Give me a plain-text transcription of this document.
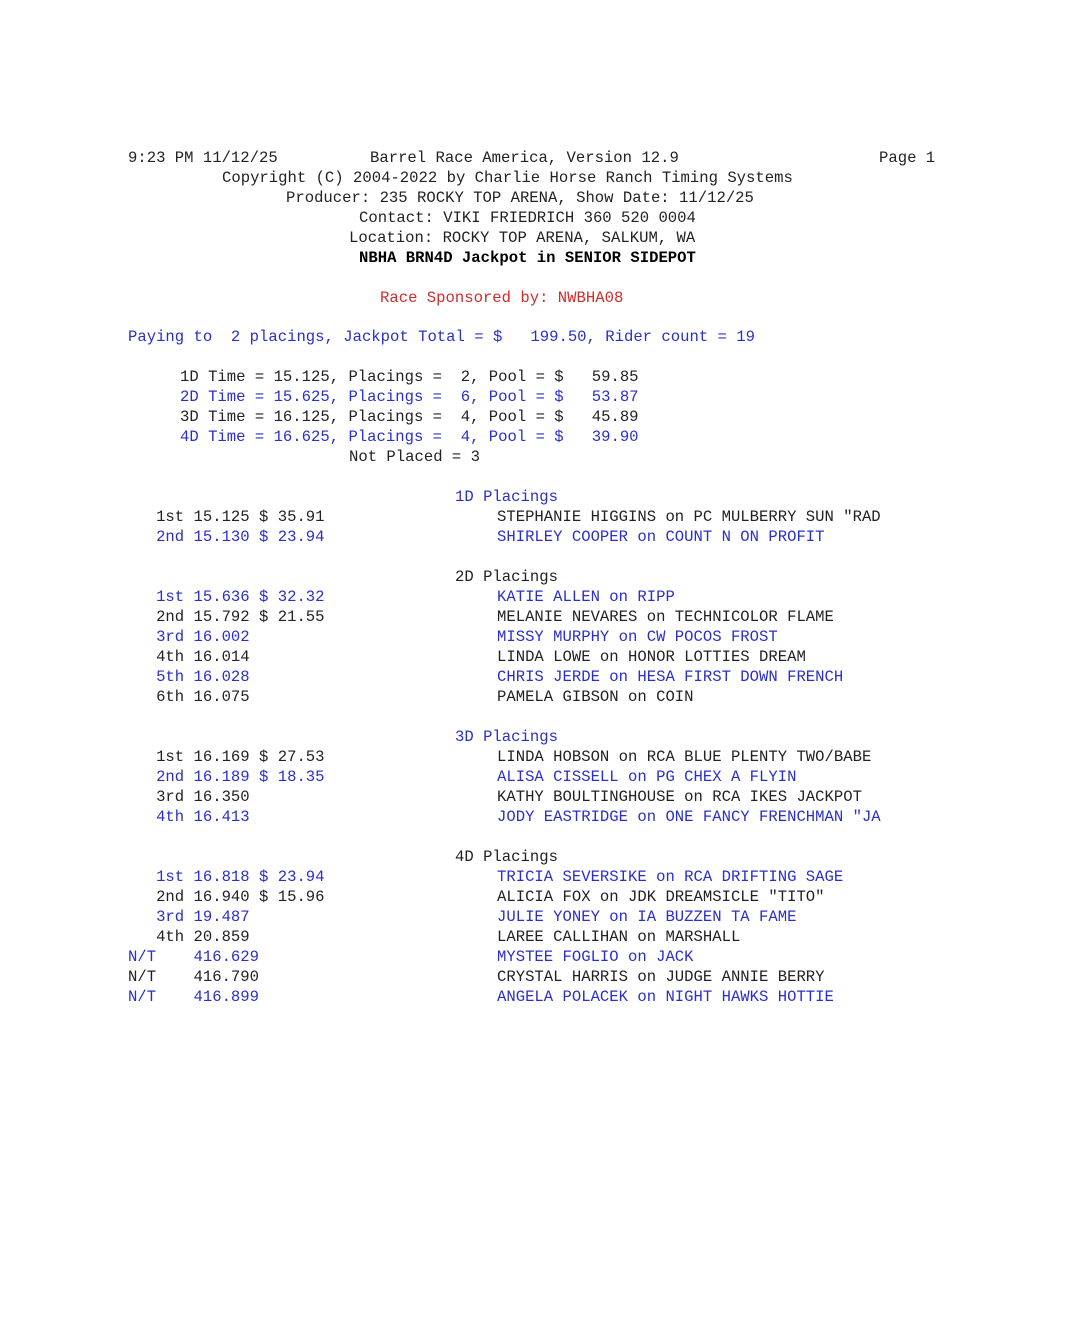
9:23 PM 11/12/25	Barrel Race America, Version 12.9	Page 1
Copyright (C) 2004-2022 by Charlie Horse Ranch Timing Systems
Producer: 235 ROCKY TOP ARENA, Show Date: 11/12/25
Contact: VIKI FRIEDRICH 360 520 0004
Location: ROCKY TOP ARENA, SALKUM, WA
NBHA BRN4D Jackpot in SENIOR SIDEPOT
Race Sponsored by: NWBHA08
Paying to  2 placings, Jackpot Total = $   199.50, Rider count = 19
1D Time = 15.125, Placings =  2, Pool = $   59.85
2D Time = 15.625, Placings =  6, Pool = $   53.87
3D Time = 16.125, Placings =  4, Pool = $   45.89
4D Time = 16.625, Placings =  4, Pool = $   39.90
Not Placed = 3
1D Placings
1st 15.125 $ 35.91	STEPHANIE HIGGINS on PC MULBERRY SUN "RAD
2nd 15.130 $ 23.94	SHIRLEY COOPER on COUNT N ON PROFIT
2D Placings
1st 15.636 $ 32.32	KATIE ALLEN on RIPP
2nd 15.792 $ 21.55	MELANIE NEVARES on TECHNICOLOR FLAME
3rd 16.002	MISSY MURPHY on CW POCOS FROST
4th 16.014	LINDA LOWE on HONOR LOTTIES DREAM
5th 16.028	CHRIS JERDE on HESA FIRST DOWN FRENCH
6th 16.075	PAMELA GIBSON on COIN
3D Placings
1st 16.169 $ 27.53	LINDA HOBSON on RCA BLUE PLENTY TWO/BABE
2nd 16.189 $ 18.35	ALISA CISSELL on PG CHEX A FLYIN
3rd 16.350	KATHY BOULTINGHOUSE on RCA IKES JACKPOT
4th 16.413	JODY EASTRIDGE on ONE FANCY FRENCHMAN "JA
4D Placings
1st 16.818 $ 23.94	TRICIA SEVERSIKE on RCA DRIFTING SAGE
2nd 16.940 $ 15.96	ALICIA FOX on JDK DREAMSICLE "TITO"
3rd 19.487	JULIE YONEY on IA BUZZEN TA FAME
4th 20.859	LAREE CALLIHAN on MARSHALL
N/T    416.629	MYSTEE FOGLIO on JACK
N/T    416.790	CRYSTAL HARRIS on JUDGE ANNIE BERRY
N/T    416.899	ANGELA POLACEK on NIGHT HAWKS HOTTIE
